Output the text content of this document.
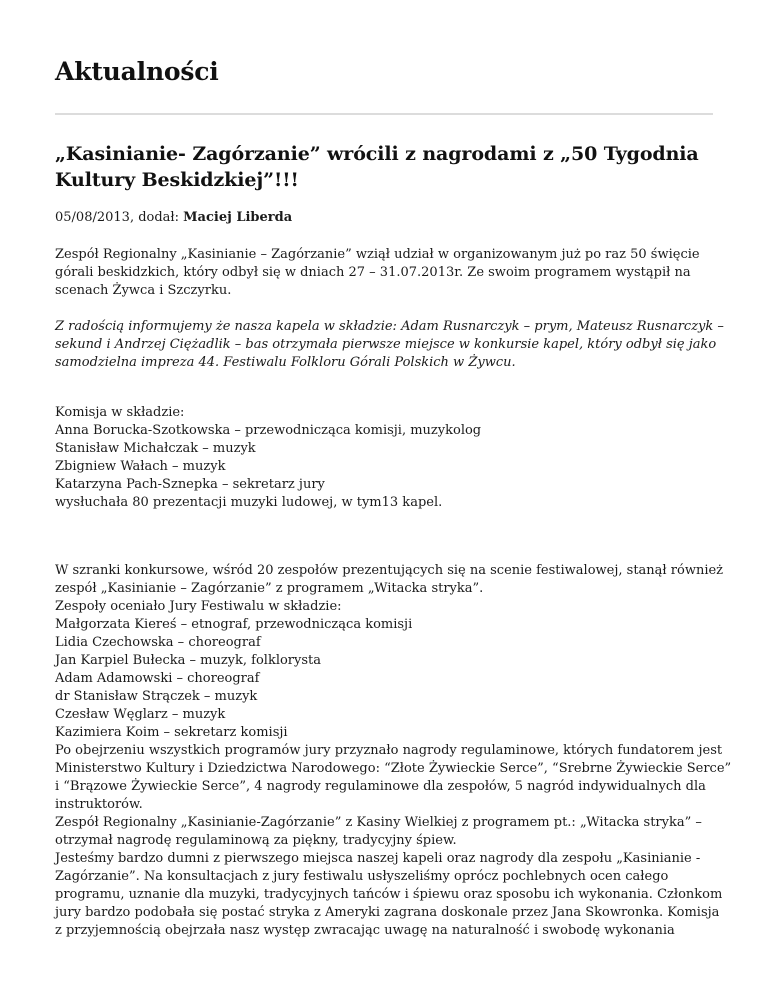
Aktualności
„Kasinianie- Zagórzanie” wrócili z nagrodami z „50 Tygodnia
Kultury Beskidzkiej”!!!
05/08/2013, dodał: Maciej Liberda

Zespół Regionalny „Kasinianie – Zagórzanie” wziął udział w organizowanym już po raz 50 święcie
górali beskidzkich, który odbył się w dniach 27 – 31.07.2013r. Ze swoim programem wystąpił na
scenach Żywca i Szczyrku.

Z radością informujemy że nasza kapela w składzie: Adam Rusnarczyk – prym, Mateusz Rusnarczyk –
sekund i Andrzej Ciężadlik – bas otrzymała pierwsze miejsce w konkursie kapel, który odbył się jako
samodzielna impreza 44. Festiwalu Folkloru Górali Polskich w Żywcu.

Komisja w składzie:
Anna Borucka-Szotkowska – przewodnicząca komisji, muzykolog
Stanisław Michałczak – muzyk
Zbigniew Wałach – muzyk
Katarzyna Pach-Sznepka – sekretarz jury
wysłuchała 80 prezentacji muzyki ludowej, w tym13 kapel.

W szranki konkursowe, wśród 20 zespołów prezentujących się na scenie festiwalowej, stanął również
zespół „Kasinianie – Zagórzanie” z programem „Witacka stryka”.
Zespoły oceniało Jury Festiwalu w składzie:
Małgorzata Kiereś – etnograf, przewodnicząca komisji
Lidia Czechowska – choreograf
Jan Karpiel Bułecka – muzyk, folklorysta
Adam Adamowski – choreograf
dr Stanisław Strączek – muzyk
Czesław Węglarz – muzyk
Kazimiera Koim – sekretarz komisji
Po obejrzeniu wszystkich programów jury przyznało nagrody regulaminowe, których fundatorem jest
Ministerstwo Kultury i Dziedzictwa Narodowego: “Złote Żywieckie Serce”, “Srebrne Żywieckie Serce”
i “Brązowe Żywieckie Serce”, 4 nagrody regulaminowe dla zespołów, 5 nagród indywidualnych dla
instruktorów.
Zespół Regionalny „Kasinianie-Zagórzanie” z Kasiny Wielkiej z programem pt.: „Witacka stryka” –
otrzymał nagrodę regulaminową za piękny, tradycyjny śpiew.
Jesteśmy bardzo dumni z pierwszego miejsca naszej kapeli oraz nagrody dla zespołu „Kasinianie -
Zagórzanie”. Na konsultacjach z jury festiwalu usłyszeliśmy oprócz pochlebnych ocen całego
programu, uznanie dla muzyki, tradycyjnych tańców i śpiewu oraz sposobu ich wykonania. Członkom
jury bardzo podobała się postać stryka z Ameryki zagrana doskonale przez Jana Skowronka. Komisja
z przyjemnością obejrzała nasz występ zwracając uwagę na naturalność i swobodę wykonania
